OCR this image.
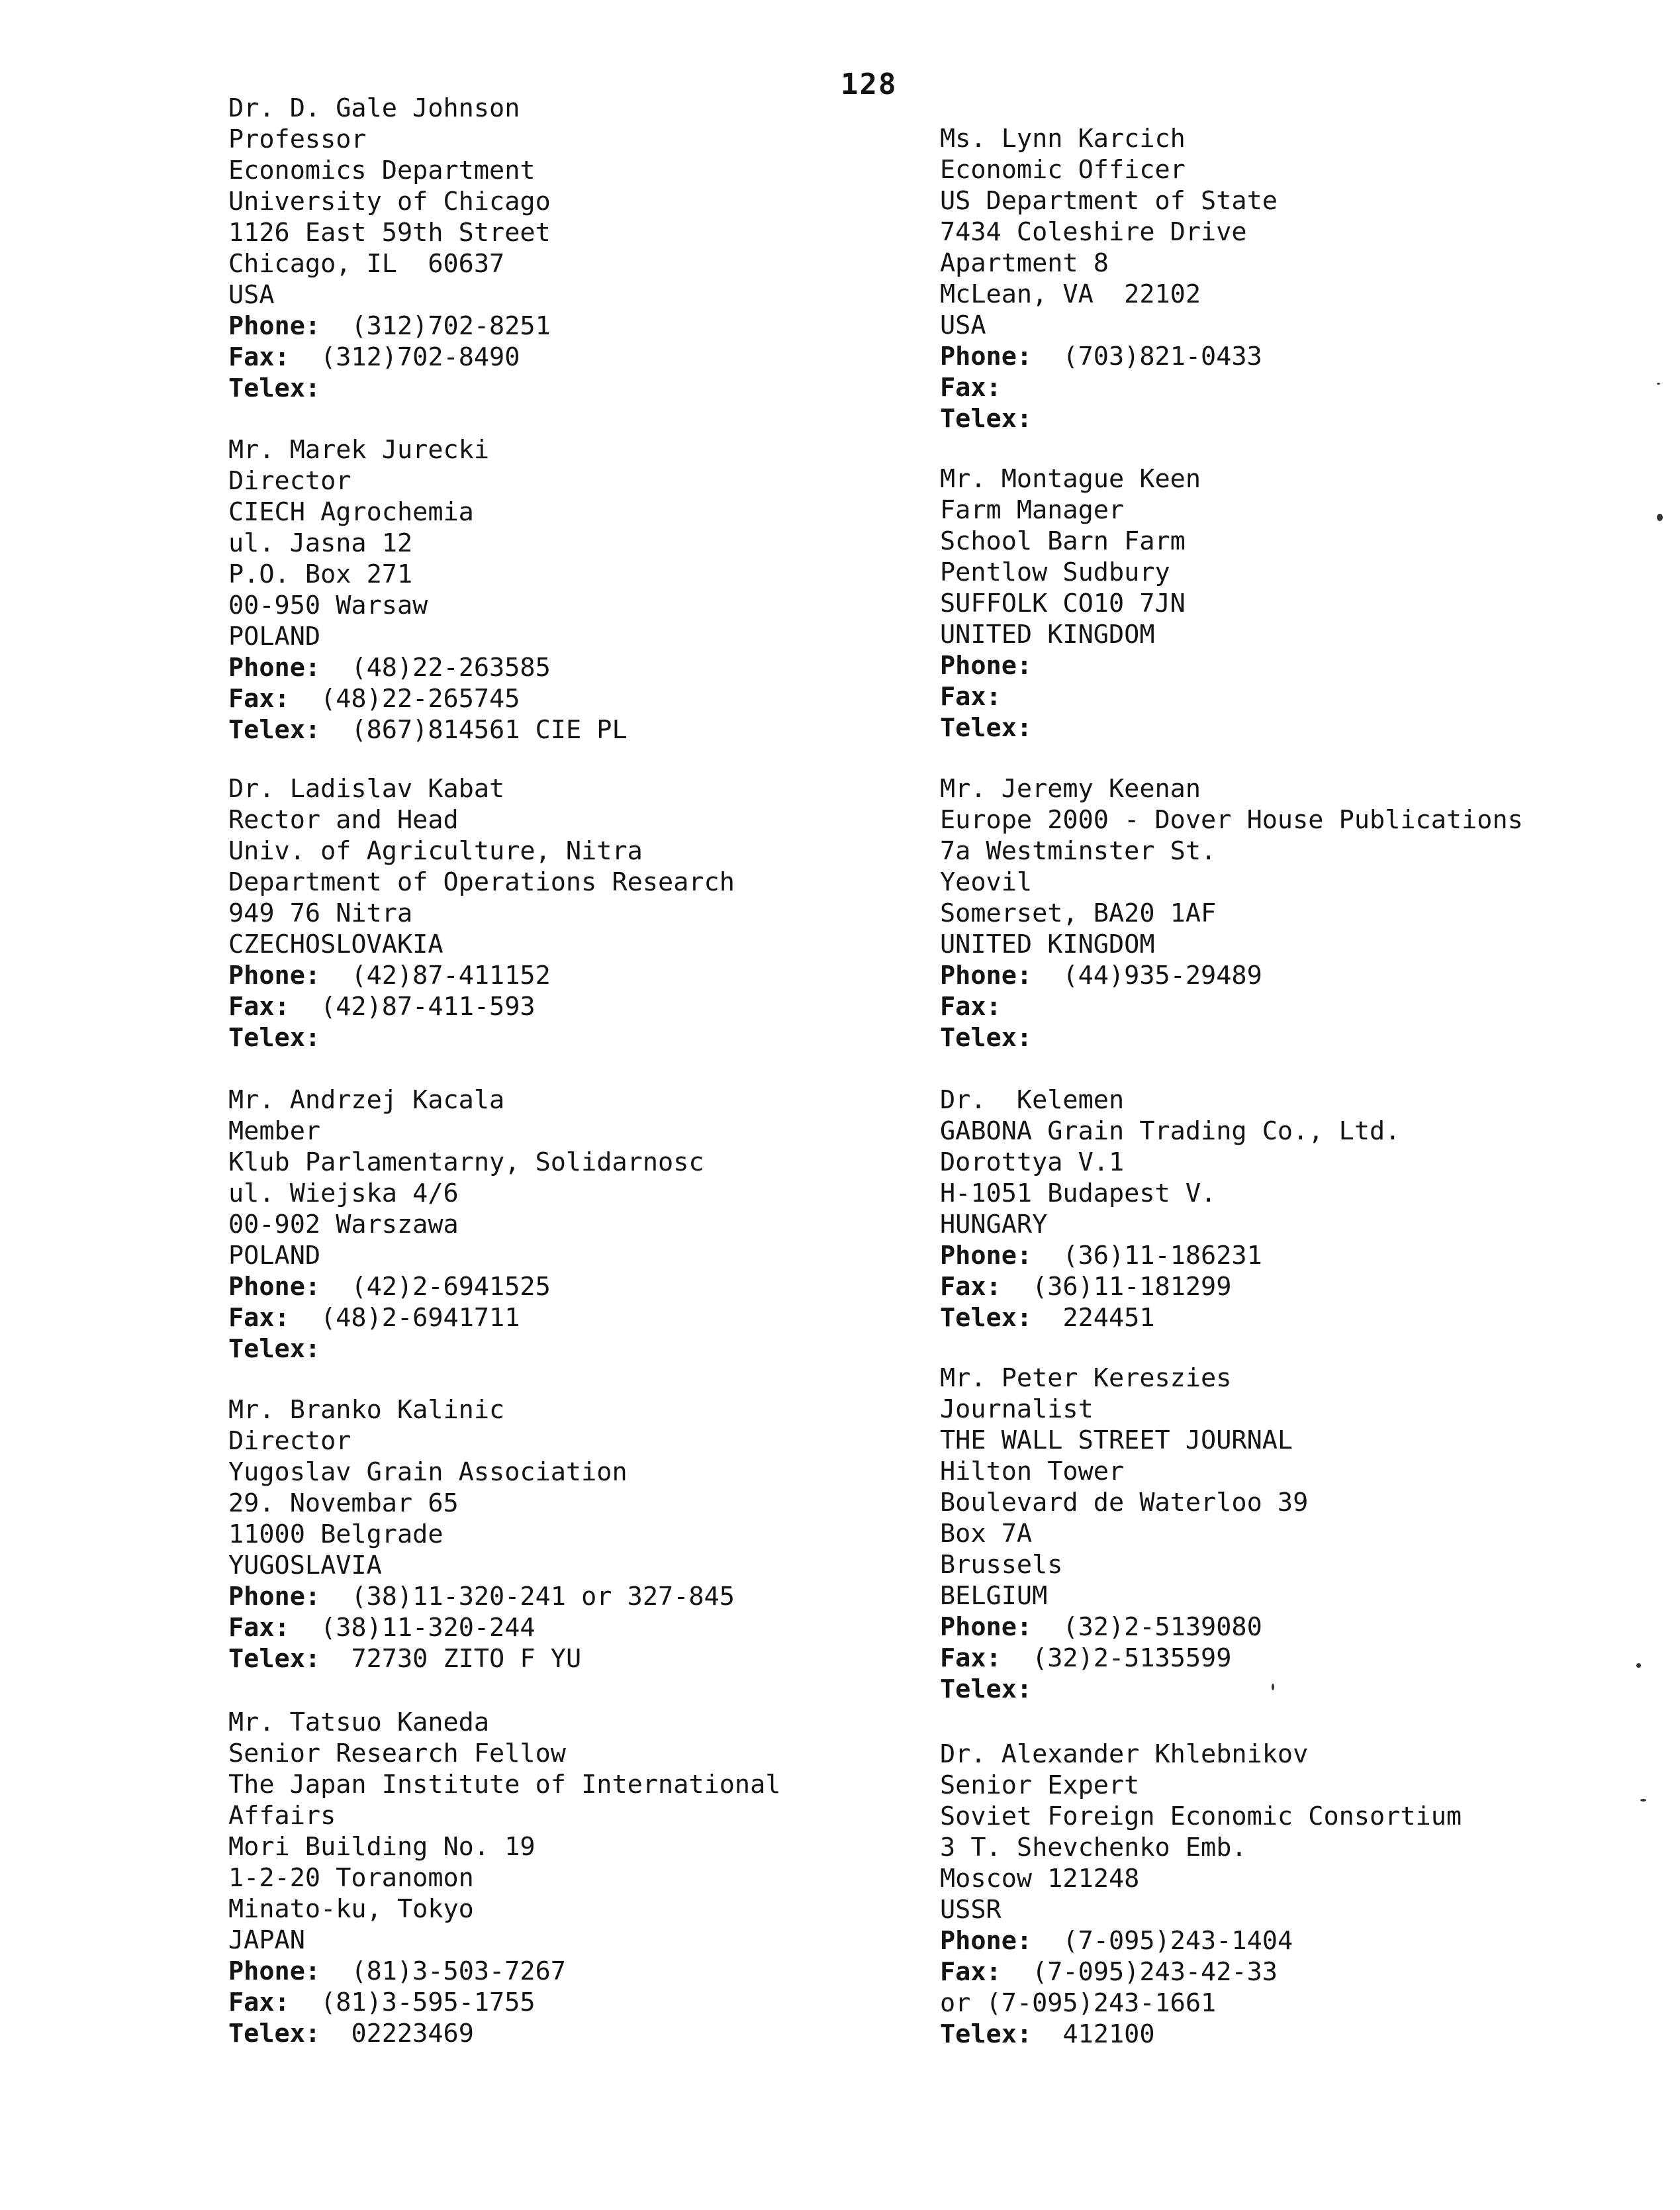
128
Dr. D. Gale Johnson
Professor
Economics Department
University of Chicago
1126 East 59th Street
Chicago, IL  60637
USA
Phone: (312)702-8251
Fax: (312)702-8490
Telex:
Mr. Marek Jurecki
Director
CIECH Agrochemia
ul. Jasna 12
P.O. Box 271
00-950 Warsaw
POLAND
Phone: (48)22-263585
Fax: (48)22-265745
Telex: (867)814561 CIE PL
Dr. Ladislav Kabat
Rector and Head
Univ. of Agriculture, Nitra
Department of Operations Research
949 76 Nitra
CZECHOSLOVAKIA
Phone: (42)87-411152
Fax: (42)87-411-593
Telex:
Mr. Andrzej Kacala
Member
Klub Parlamentarny, Solidarnosc
ul. Wiejska 4/6
00-902 Warszawa
POLAND
Phone: (42)2-6941525
Fax: (48)2-6941711
Telex:
Mr. Branko Kalinic
Director
Yugoslav Grain Association
29. Novembar 65
11000 Belgrade
YUGOSLAVIA
Phone: (38)11-320-241 or 327-845
Fax: (38)11-320-244
Telex: 72730 ZITO F YU
Mr. Tatsuo Kaneda
Senior Research Fellow
The Japan Institute of International
Affairs
Mori Building No. 19
1-2-20 Toranomon
Minato-ku, Tokyo
JAPAN
Phone: (81)3-503-7267
Fax: (81)3-595-1755
Telex: 02223469
Ms. Lynn Karcich
Economic Officer
US Department of State
7434 Coleshire Drive
Apartment 8
McLean, VA  22102
USA
Phone: (703)821-0433
Fax:
Telex:
Mr. Montague Keen
Farm Manager
School Barn Farm
Pentlow Sudbury
SUFFOLK CO10 7JN
UNITED KINGDOM
Phone:
Fax:
Telex:
Mr. Jeremy Keenan
Europe 2000 - Dover House Publications
7a Westminster St.
Yeovil
Somerset, BA20 1AF
UNITED KINGDOM
Phone: (44)935-29489
Fax:
Telex:
Dr.  Kelemen
GABONA Grain Trading Co., Ltd.
Dorottya V.1
H-1051 Budapest V.
HUNGARY
Phone: (36)11-186231
Fax: (36)11-181299
Telex: 224451
Mr. Peter Kereszies
Journalist
THE WALL STREET JOURNAL
Hilton Tower
Boulevard de Waterloo 39
Box 7A
Brussels
BELGIUM
Phone: (32)2-5139080
Fax: (32)2-5135599
Telex:
Dr. Alexander Khlebnikov
Senior Expert
Soviet Foreign Economic Consortium
3 T. Shevchenko Emb.
Moscow 121248
USSR
Phone: (7-095)243-1404
Fax: (7-095)243-42-33
or (7-095)243-1661
Telex: 412100
